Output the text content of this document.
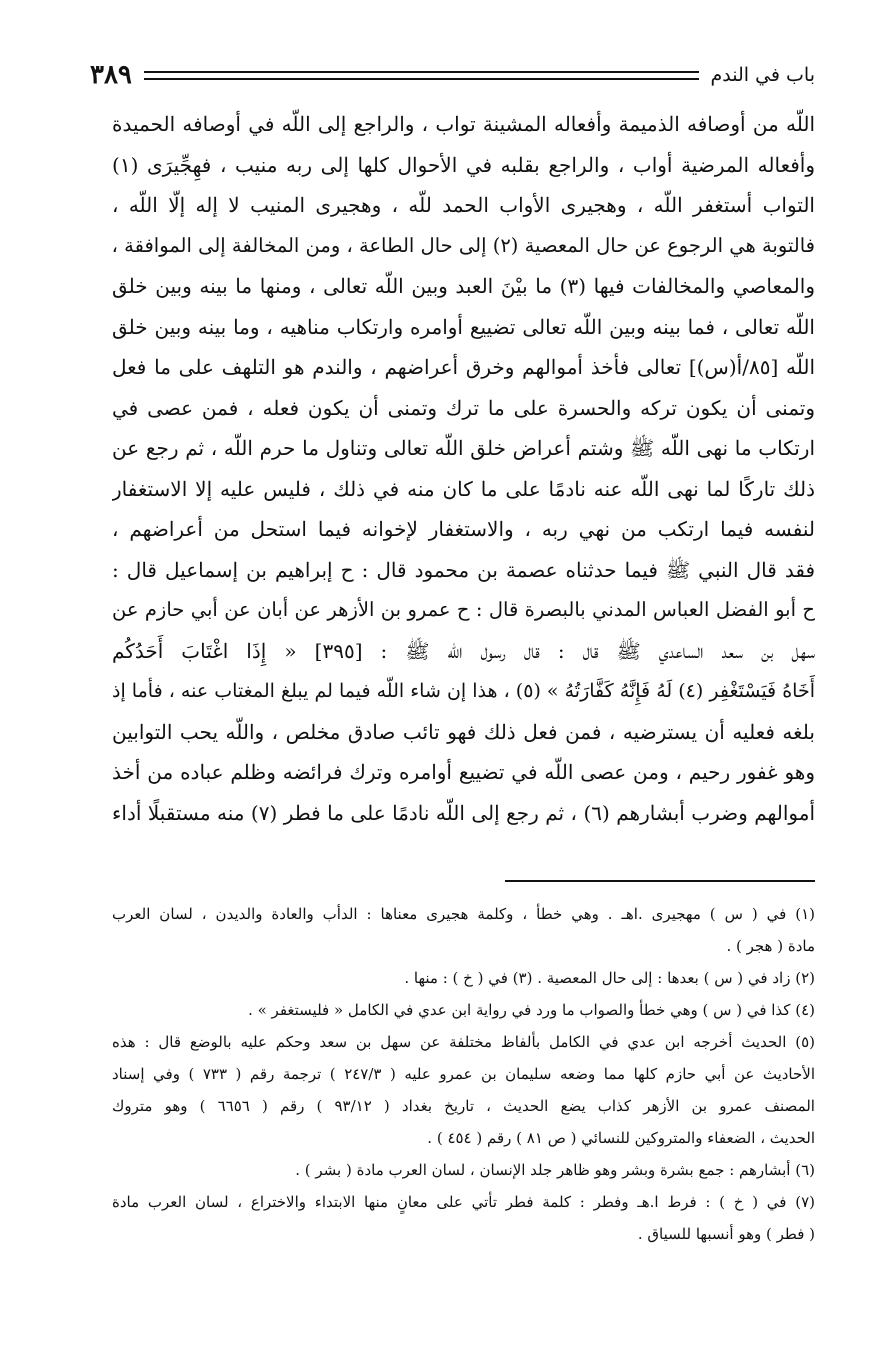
باب في الندم
٣٨٩
اللّه من أوصافه الذميمة وأفعاله المشينة تواب ، والراجع إلى اللّه في أوصافه الحميدة
وأفعاله المرضية أواب ، والراجع بقلبه في الأحوال كلها إلى ربه منيب ، فهِجِّيرَى (١)
التواب أستغفر اللّه ، وهجيرى الأواب الحمد للّه ، وهجيرى المنيب لا إله إلّا اللّه ،
فالتوبة هي الرجوع عن حال المعصية (٢) إلى حال الطاعة ، ومن المخالفة إلى الموافقة ،
والمعاصي والمخالفات فيها (٣) ما بيْنَ العبد وبين اللّه تعالى ، ومنها ما بينه وبين خلق
اللّه تعالى ، فما بينه وبين اللّه تعالى تضييع أوامره وارتكاب مناهيه ، وما بينه وبين خلق
اللّه [٨٥/أ(س)] تعالى فأخذ أموالهم وخرق أعراضهم ، والندم هو التلهف على ما فعل
وتمنى أن يكون تركه والحسرة على ما ترك وتمنى أن يكون فعله ، فمن عصى في
ارتكاب ما نهى اللّه ﷺ وشتم أعراض خلق اللّه تعالى وتناول ما حرم اللّه ، ثم رجع عن
ذلك تاركًا لما نهى اللّه عنه نادمًا على ما كان منه في ذلك ، فليس عليه إلا الاستغفار
لنفسه فيما ارتكب من نهي ربه ، والاستغفار لإخوانه فيما استحل من أعراضهم ،
فقد قال النبي ﷺ فيما حدثناه عصمة بن محمود قال : ح إبراهيم بن إسماعيل قال :
ح أبو الفضل العباس المدني بالبصرة قال : ح عمرو بن الأزهر عن أبان عن أبي حازم عن
سهل بن سعد الساعدي ﷺ قال : قال رسول اللّه ﷺ : [٣٩٥] « إِذَا اغْتَابَ أَحَدُكُم
أَخَاهُ فَيَسْتَغْفِر (٤) لَهُ فَإِنَّهُ كَفَّارَتُهُ » (٥) ، هذا إن شاء اللّه فيما لم يبلغ المغتاب عنه ، فأما إذ
بلغه فعليه أن يسترضيه ، فمن فعل ذلك فهو تائب صادق مخلص ، واللّه يحب التوابين
وهو غفور رحيم ، ومن عصى اللّه في تضييع أوامره وترك فرائضه وظلم عباده من أخذ
أموالهم وضرب أبشارهم (٦) ، ثم رجع إلى اللّه نادمًا على ما فطر (٧) منه مستقبلًا أداء
(١) في ( س ) مهجيرى .اهـ . وهي خطأ ، وكلمة هجيرى معناها : الدأب والعادة والديدن ، لسان العرب
مادة ( هجر ) .
(٢) زاد في ( س ) بعدها : إلى حال المعصية . (٣) في ( خ ) : منها .
(٤) كذا في ( س ) وهي خطأ والصواب ما ورد في رواية ابن عدي في الكامل « فليستغفر » .
(٥) الحديث أخرجه ابن عدي في الكامل بألفاظ مختلفة عن سهل بن سعد وحكم عليه بالوضع قال : هذه
الأحاديث عن أبي حازم كلها مما وضعه سليمان بن عمرو عليه ( ٢٤٧/٣ ) ترجمة رقم ( ٧٣٣ ) وفي إسناد
المصنف عمرو بن الأزهر كذاب يضع الحديث ، تاريخ بغداد ( ٩٣/١٢ ) رقم ( ٦٦٥٦ ) وهو متروك
الحديث ، الضعفاء والمتروكين للنسائي ( ص ٨١ ) رقم ( ٤٥٤ ) .
(٦) أبشارهم : جمع بشرة وبشر وهو ظاهر جلد الإنسان ، لسان العرب مادة ( بشر ) .
(٧) في ( خ ) : فرط ا.هـ وفطر : كلمة فطر تأتي على معانٍ منها الابتداء والاختراع ، لسان العرب مادة
( فطر ) وهو أنسبها للسياق .
